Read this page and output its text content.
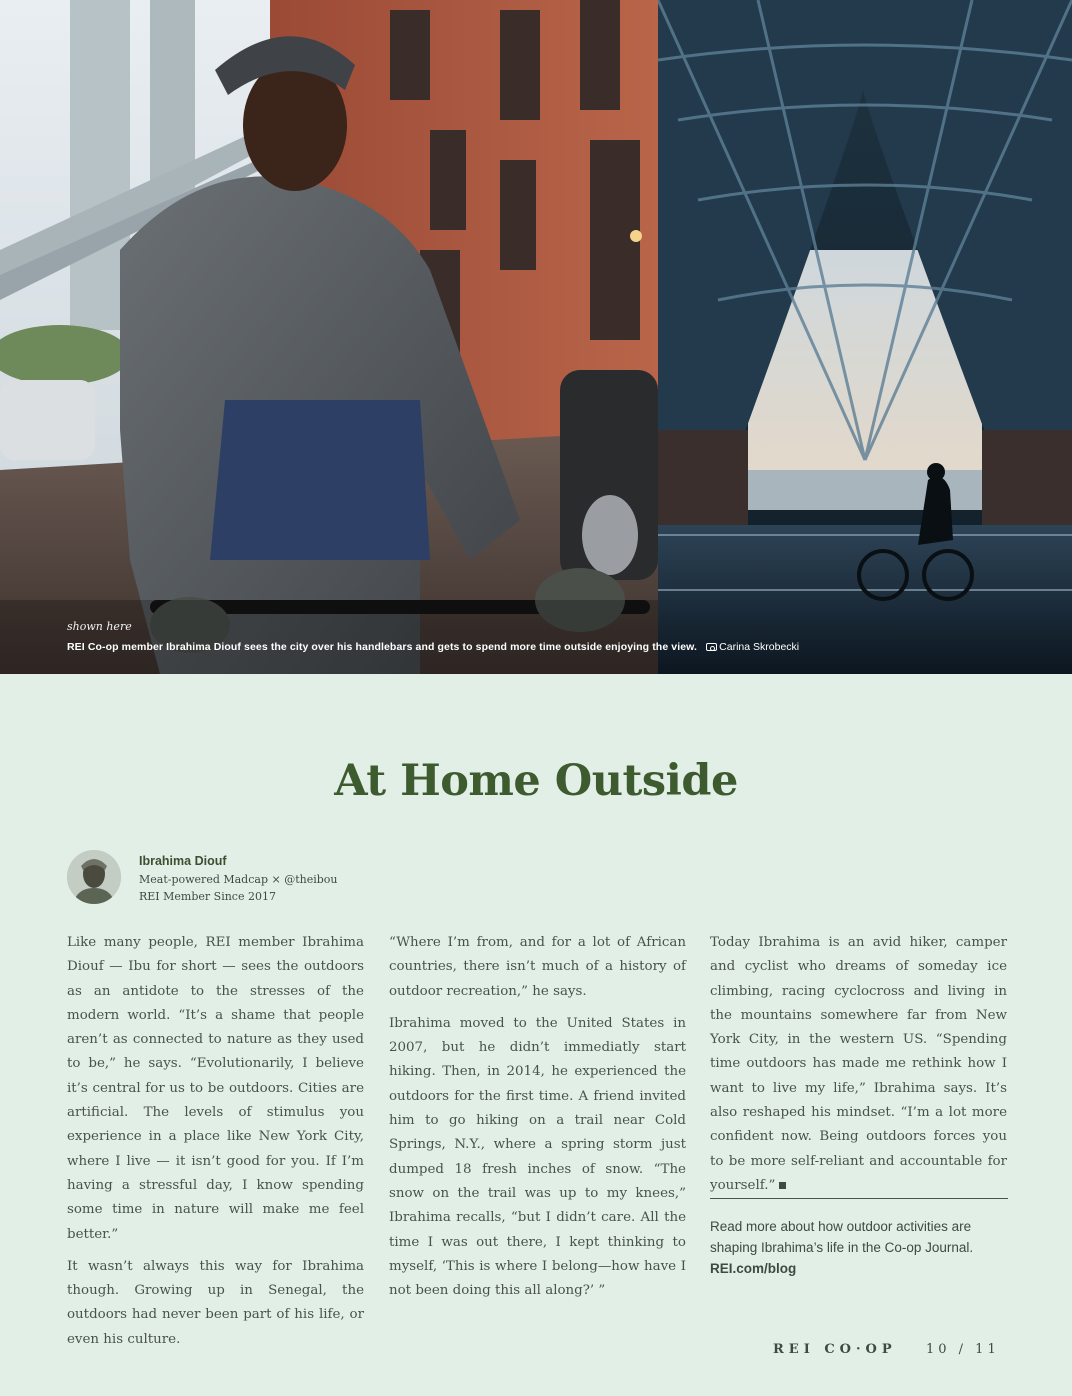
shown here
REI Co-op member Ibrahima Diouf sees the city over his handlebars and gets to spend more time outside enjoying the view. Carina Skrobecki
At Home Outside
Ibrahima Diouf
Meat-powered Madcap × @theibou
REI Member Since 2017

Like many people, REI member Ibrahima Diouf — Ibu for short — sees the outdoors as an antidote to the stresses of the modern world. “It’s a shame that people aren’t as connected to nature as they used to be,” he says. “Evolutionarily, I believe it’s central for us to be outdoors. Cities are artificial. The levels of stimulus you experience in a place like New York City, where I live — it isn’t good for you. If I’m having a stressful day, I know spending some time in nature will make me feel better.”

It wasn’t always this way for Ibrahima though. Growing up in Senegal, the outdoors had never been part of his life, or even his culture.

“Where I’m from, and for a lot of African countries, there isn’t much of a history of outdoor recreation,” he says.

Ibrahima moved to the United States in 2007, but he didn’t immediatly start hiking. Then, in 2014, he experienced the outdoors for the first time. A friend invited him to go hiking on a trail near Cold Springs, N.Y., where a spring storm just dumped 18 fresh inches of snow. “The snow on the trail was up to my knees,” Ibrahima recalls, “but I didn’t care. All the time I was out there, I kept thinking to myself, ‘This is where I belong—how have I not been doing this all along?’ ”

Today Ibrahima is an avid hiker, camper and cyclist who dreams of someday ice climbing, racing cyclocross and living in the mountains somewhere far from New York City, in the western US. “Spending time outdoors has made me rethink how I want to live my life,” Ibrahima says. It’s also reshaped his mindset. “I’m a lot more confident now. Being outdoors forces you to be more self-reliant and accountable for yourself.”

Read more about how outdoor activities are shaping Ibrahima’s life in the Co-op Journal.
REI.com/blog
REI CO·OP 10 / 11
